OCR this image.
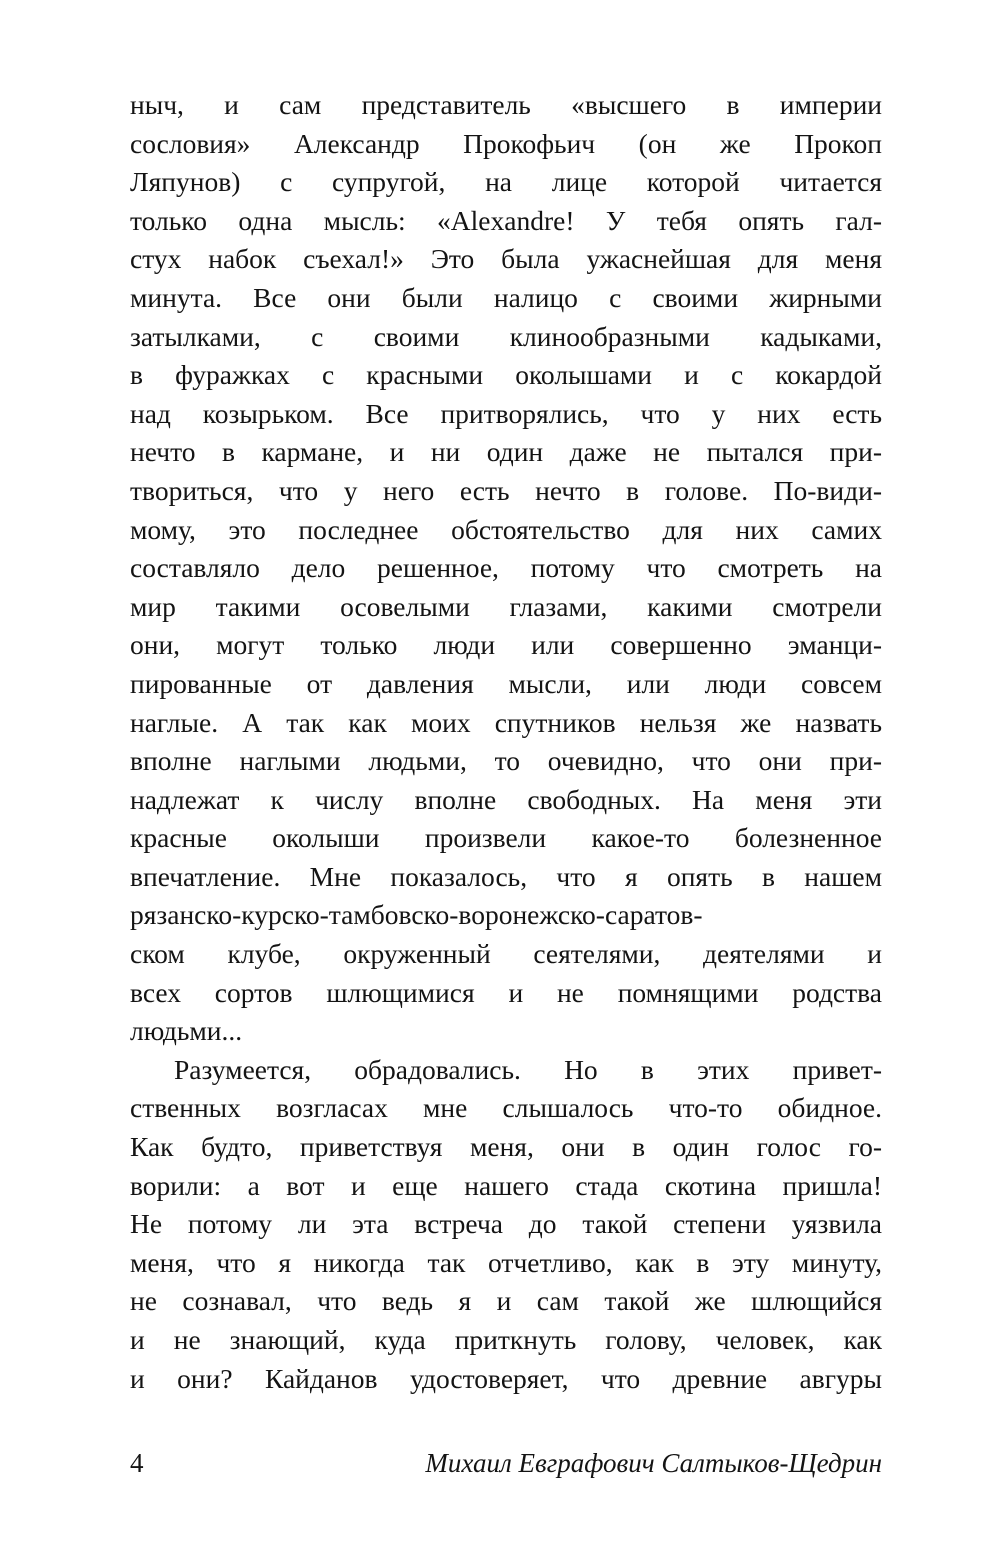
ныч, и сам представитель «высшего в империи
сословия» Александр Прокофьич (он же Прокоп
Ляпунов) с супругой, на лице которой читается
только одна мысль: «Alexandre! У тебя опять гал-
стух набок съехал!» Это была ужаснейшая для меня
минута. Все они были налицо с своими жирными
затылками, с своими клинообразными кадыками,
в фуражках с красными околышами и с кокардой
над козырьком. Все притворялись, что у них есть
нечто в кармане, и ни один даже не пытался при-
твориться, что у него есть нечто в голове. По-види-
мому, это последнее обстоятельство для них самих
составляло дело решенное, потому что смотреть на
мир такими осовелыми глазами, какими смотрели
они, могут только люди или совершенно эманци-
пированные от давления мысли, или люди совсем
наглые. А так как моих спутников нельзя же назвать
вполне наглыми людьми, то очевидно, что они при-
надлежат к числу вполне свободных. На меня эти
красные околыши произвели какое-то болезненное
впечатление. Мне показалось, что я опять в нашем
рязанско-курско-тамбовско-воронежско-саратов-
ском клубе, окруженный сеятелями, деятелями и
всех сортов шлющимися и не помнящими родства
людьми...
Разумеется, обрадовались. Но в этих привет-
ственных возгласах мне слышалось что-то обидное.
Как будто, приветствуя меня, они в один голос го-
ворили: а вот и еще нашего стада скотина пришла!
Не потому ли эта встреча до такой степени уязвила
меня, что я никогда так отчетливо, как в эту минуту,
не сознавал, что ведь я и сам такой же шлющийся
и не знающий, куда приткнуть голову, человек, как
и они? Кайданов удостоверяет, что древние авгуры
4	Михаил Евграфович Салтыков-Щедрин
